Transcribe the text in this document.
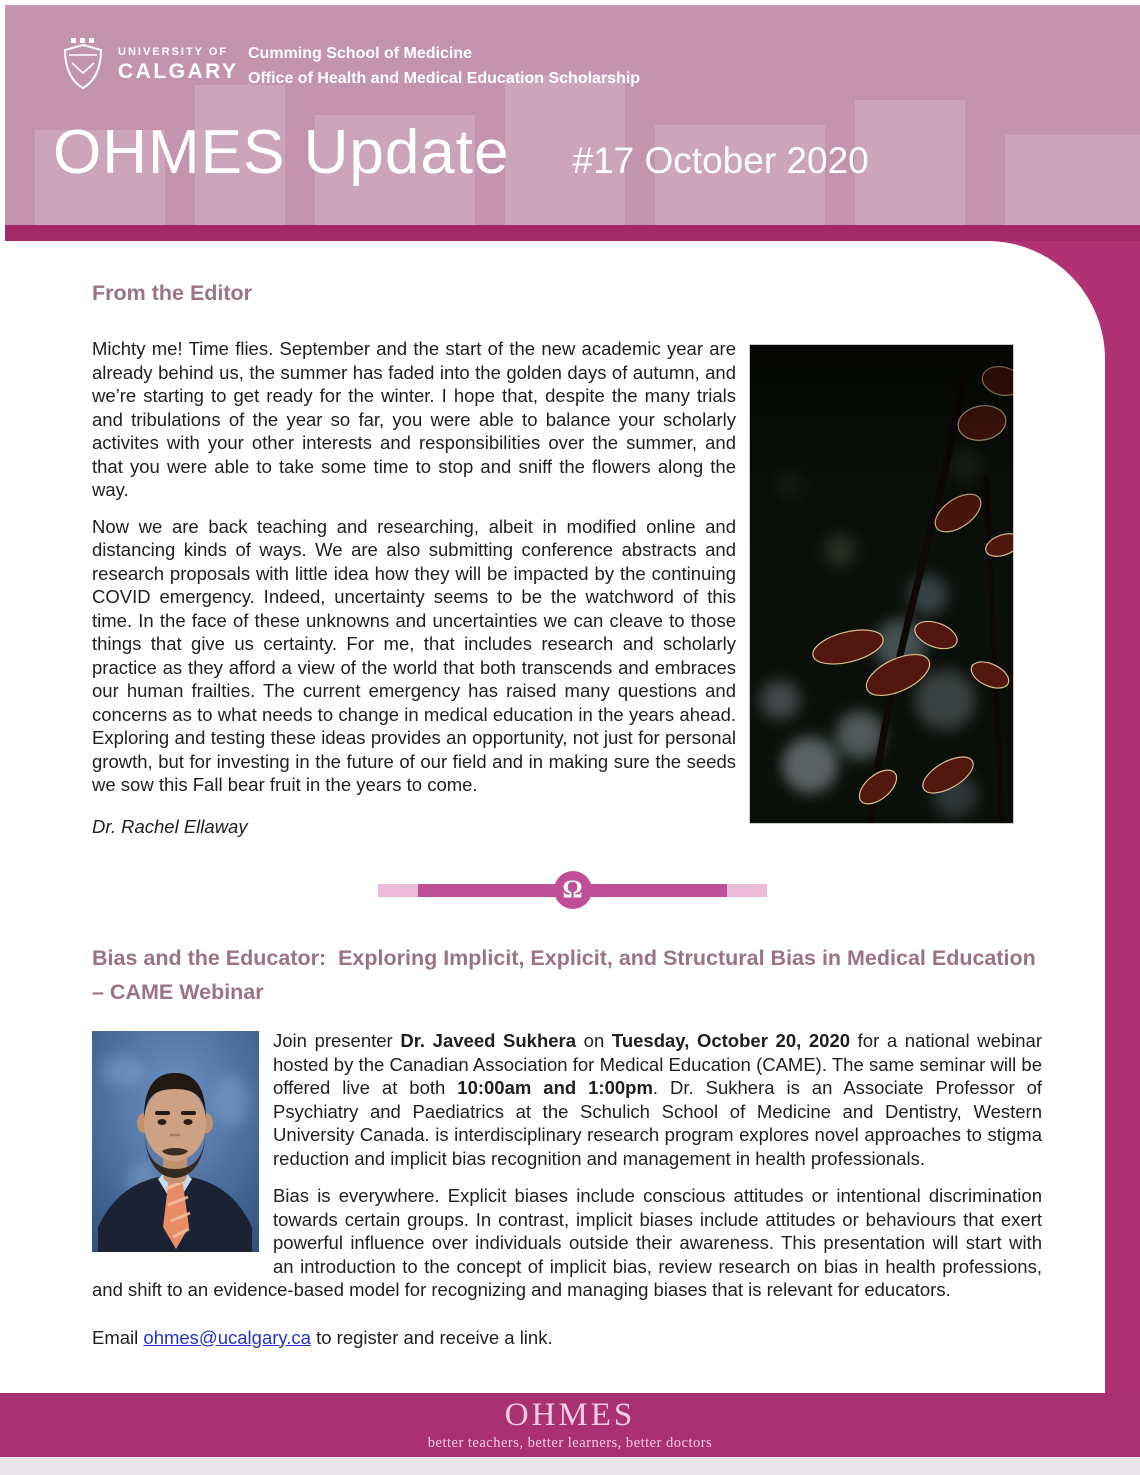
UNIVERSITY OF
CALGARY
Cumming School of Medicine
Office of Health and Medical Education Scholarship
OHMES Update #17 October 2020
From the Editor

Michty me! Time flies. September and the start of the new academic year are already behind us, the summer has faded into the golden days of autumn, and we’re starting to get ready for the winter. I hope that, despite the many trials and tribulations of the year so far, you were able to balance your scholarly activites with your other interests and responsibilities over the summer, and that you were able to take some time to stop and sniff the flowers along the way.

Now we are back teaching and researching, albeit in modified online and distancing kinds of ways. We are also submitting conference abstracts and research proposals with little idea how they will be impacted by the continuing COVID emergency. Indeed, uncertainty seems to be the watchword of this time. In the face of these unknowns and uncertainties we can cleave to those things that give us certainty. For me, that includes research and scholarly practice as they afford a view of the world that both transcends and embraces our human frailties. The current emergency has raised many questions and concerns as to what needs to change in medical education in the years ahead. Exploring and testing these ideas provides an opportunity, not just for personal growth, but for investing in the future of our field and in making sure the seeds we sow this Fall bear fruit in the years to come.

Dr. Rachel Ellaway
Ω
Bias and the Educator:  Exploring Implicit, Explicit, and Structural Bias in Medical Education – CAME Webinar

Join presenter Dr. Javeed Sukhera on Tuesday, October 20, 2020 for a national webinar hosted by the Canadian Association for Medical Education (CAME). The same seminar will be offered live at both 10:00am and 1:00pm. Dr. Sukhera is an Associate Professor of Psychiatry and Paediatrics at the Schulich School of Medicine and Dentistry, Western University Canada. is interdisciplinary research program explores novel approaches to stigma reduction and implicit bias recognition and management in health professionals.

Bias is everywhere. Explicit biases include conscious attitudes or intentional discrimination towards certain groups. In contrast, implicit biases include attitudes or behaviours that exert powerful influence over individuals outside their awareness. This presentation will start with an introduction to the concept of implicit bias, review research on bias in health professions, and shift to an evidence-based model for recognizing and managing biases that is relevant for educators.

Email ohmes@ucalgary.ca to register and receive a link.
OHMES
better teachers, better learners, better doctors
